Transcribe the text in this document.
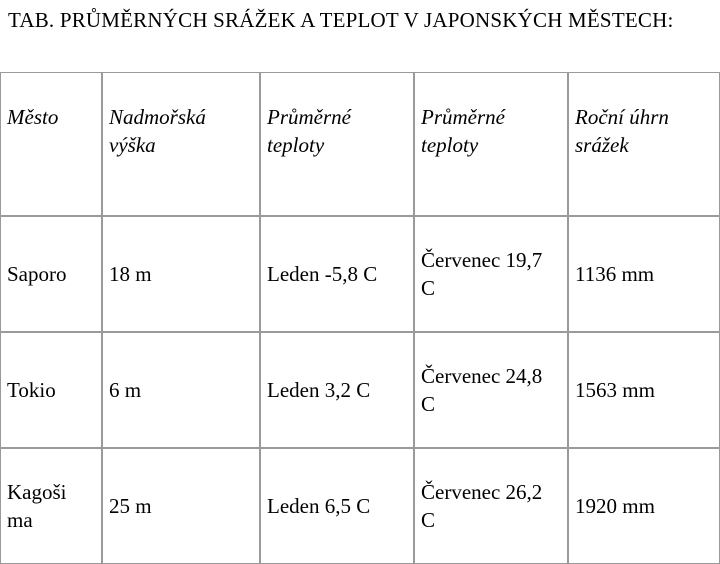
TAB. PRŮMĚRNÝCH SRÁŽEK A TEPLOT V JAPONSKÝCH MĚSTECH:
Město	Nadmořská výška	Průměrné teploty	Průměrné teploty	Roční úhrn srážek
Saporo	18 m	Leden -5,8 C	Červenec 19,7 C	1136 mm
Tokio	6 m	Leden 3,2 C	Červenec 24,8 C	1563 mm
Kagoši ma	25 m	Leden 6,5 C	Červenec 26,2 C	1920 mm
